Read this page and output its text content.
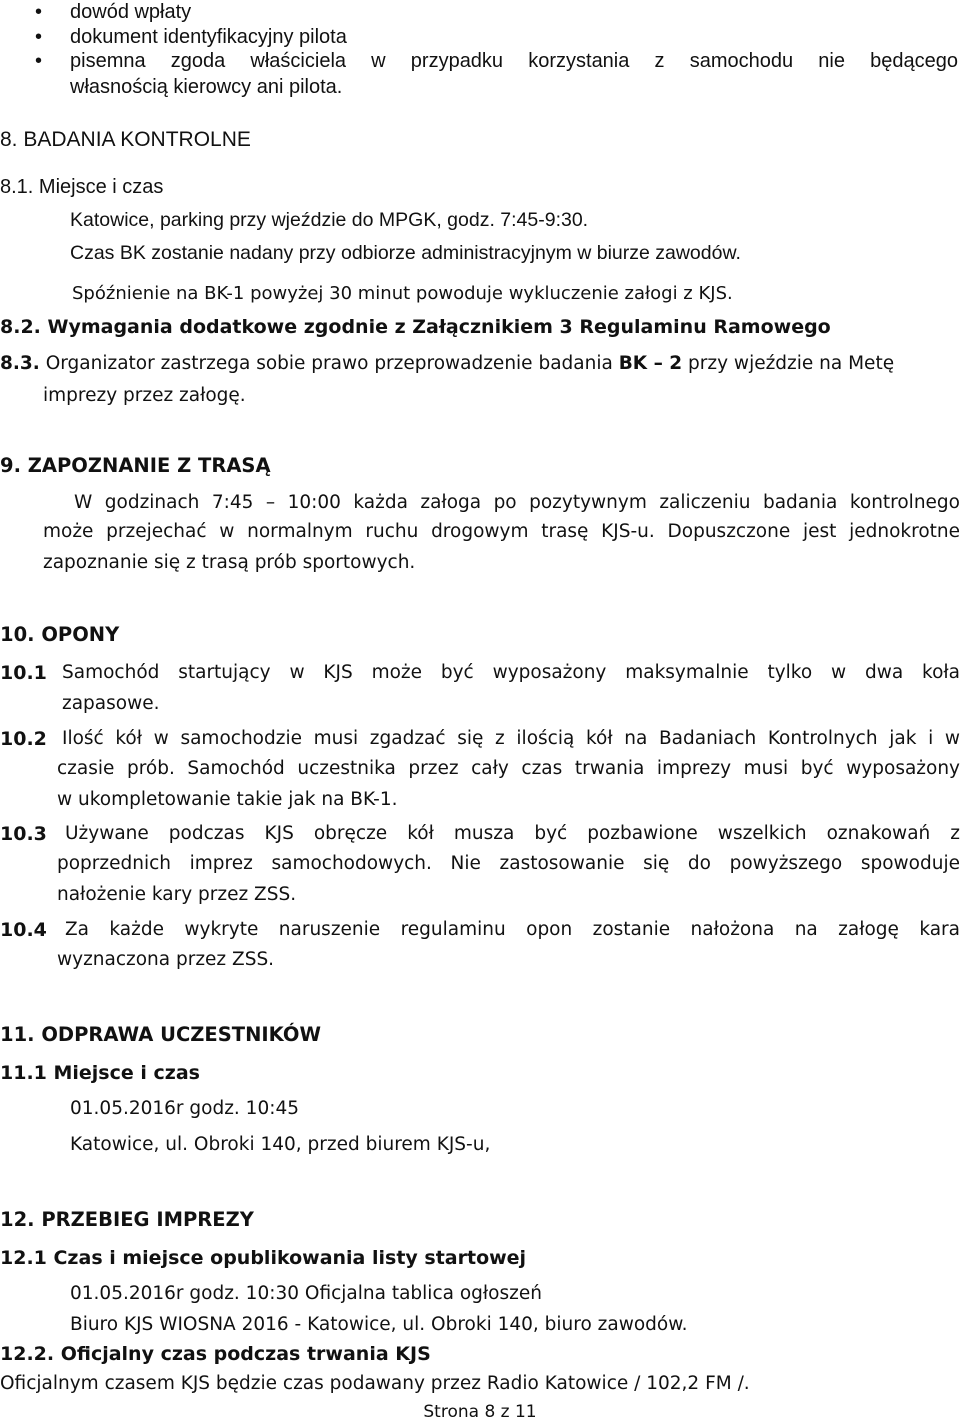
• dowód wpłaty
• dokument identyfikacyjny pilota
• pisemna zgoda właściciela w przypadku korzystania z samochodu nie będącego
własnością kierowcy ani pilota.
8. BADANIA KONTROLNE
8.1. Miejsce i czas
Katowice, parking przy wjeździe do MPGK, godz. 7:45-9:30.
Czas BK zostanie nadany przy odbiorze administracyjnym w biurze zawodów.
Spóźnienie na BK-1 powyżej 30 minut powoduje wykluczenie załogi z KJS.
8.2. Wymagania dodatkowe zgodnie z Załącznikiem 3 Regulaminu Ramowego
8.3. Organizator zastrzega sobie prawo przeprowadzenie badania BK – 2 przy wjeździe na Metę
imprezy przez załogę.
9. ZAPOZNANIE Z TRASĄ
W godzinach 7:45 – 10:00 każda załoga po pozytywnym zaliczeniu badania kontrolnego
może przejechać w normalnym ruchu drogowym trasę KJS-u. Dopuszczone jest jednokrotne
zapoznanie się z trasą prób sportowych.
10. OPONY
10.1 Samochód startujący w KJS może być wyposażony maksymalnie tylko w dwa koła
zapasowe.
10.2 Ilość kół w samochodzie musi zgadzać się z ilością kół na Badaniach Kontrolnych jak i w
czasie prób. Samochód uczestnika przez cały czas trwania imprezy musi być wyposażony
w ukompletowanie takie jak na BK-1.
10.3 Używane podczas KJS obręcze kół musza być pozbawione wszelkich oznakowań z
poprzednich imprez samochodowych. Nie zastosowanie się do powyższego spowoduje
nałożenie kary przez ZSS.
10.4 Za każde wykryte naruszenie regulaminu opon zostanie nałożona na załogę kara
wyznaczona przez ZSS.
11. ODPRAWA UCZESTNIKÓW
11.1 Miejsce i czas
01.05.2016r godz. 10:45
Katowice, ul. Obroki 140, przed biurem KJS-u,
12. PRZEBIEG IMPREZY
12.1 Czas i miejsce opublikowania listy startowej
01.05.2016r godz. 10:30 Oficjalna tablica ogłoszeń
Biuro KJS WIOSNA 2016 - Katowice, ul. Obroki 140, biuro zawodów.
12.2. Oficjalny czas podczas trwania KJS
Oficjalnym czasem KJS będzie czas podawany przez Radio Katowice / 102,2 FM /.
Strona 8 z 11
